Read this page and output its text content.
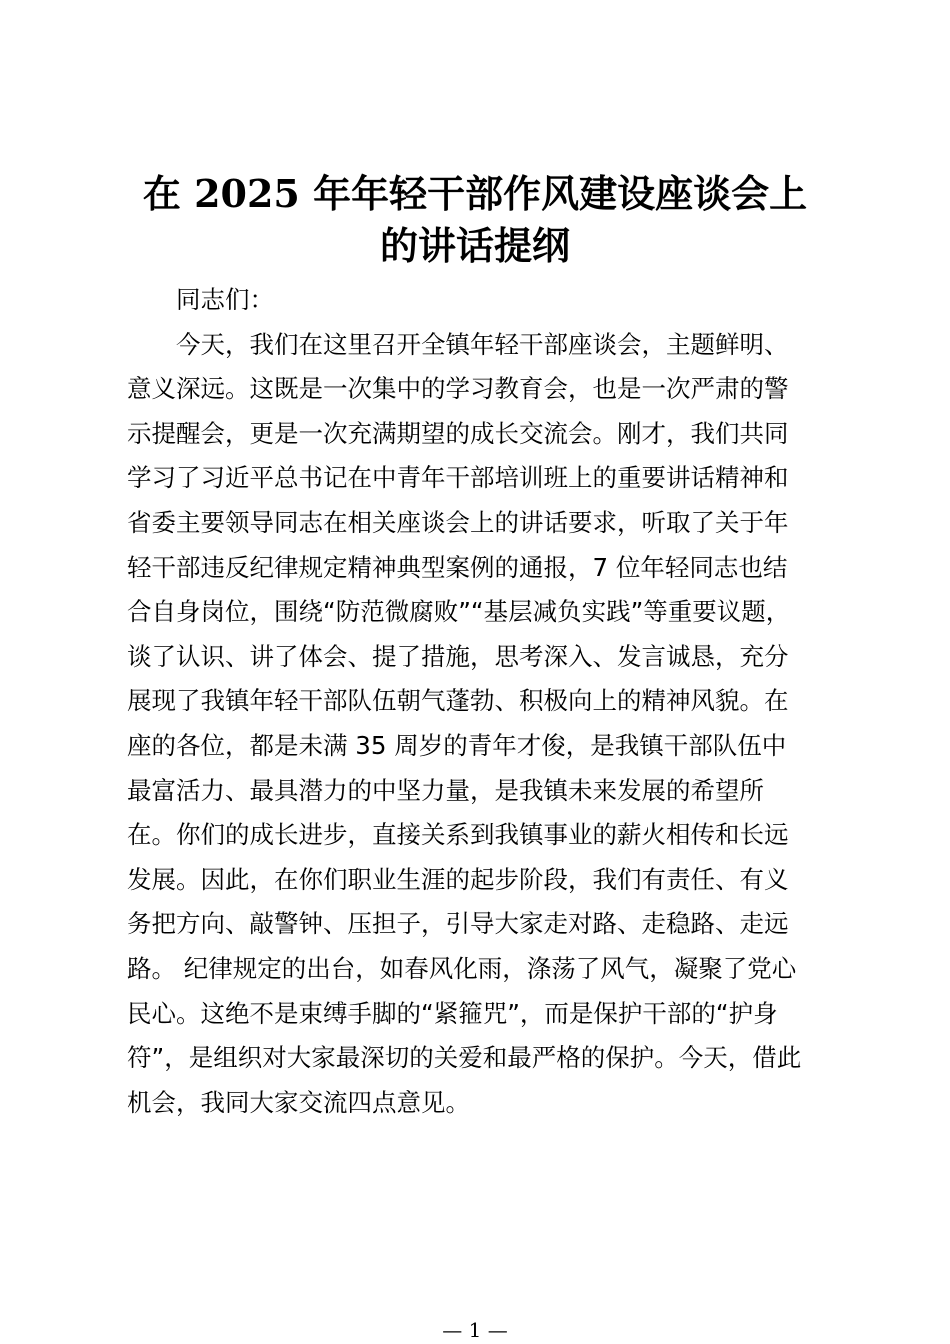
在 2025 年年轻干部作风建设座谈会上
的讲话提纲
同志们：
今天，我们在这里召开全镇年轻干部座谈会，主题鲜明、
意义深远。这既是一次集中的学习教育会，也是一次严肃的警
示提醒会，更是一次充满期望的成长交流会。刚才，我们共同
学习了习近平总书记在中青年干部培训班上的重要讲话精神和
省委主要领导同志在相关座谈会上的讲话要求，听取了关于年
轻干部违反纪律规定精神典型案例的通报，7 位年轻同志也结
合自身岗位，围绕“防范微腐败”“基层减负实践”等重要议题，
谈了认识、讲了体会、提了措施，思考深入、发言诚恳，充分
展现了我镇年轻干部队伍朝气蓬勃、积极向上的精神风貌。在
座的各位，都是未满 35 周岁的青年才俊，是我镇干部队伍中
最富活力、最具潜力的中坚力量，是我镇未来发展的希望所
在。你们的成长进步，直接关系到我镇事业的薪火相传和长远
发展。因此，在你们职业生涯的起步阶段，我们有责任、有义
务把方向、敲警钟、压担子，引导大家走对路、走稳路、走远
路。 纪律规定的出台，如春风化雨，涤荡了风气，凝聚了党心
民心。这绝不是束缚手脚的“紧箍咒”，而是保护干部的“护身
符”，是组织对大家最深切的关爱和最严格的保护。今天，借此
机会，我同大家交流四点意见。
— 1 —
